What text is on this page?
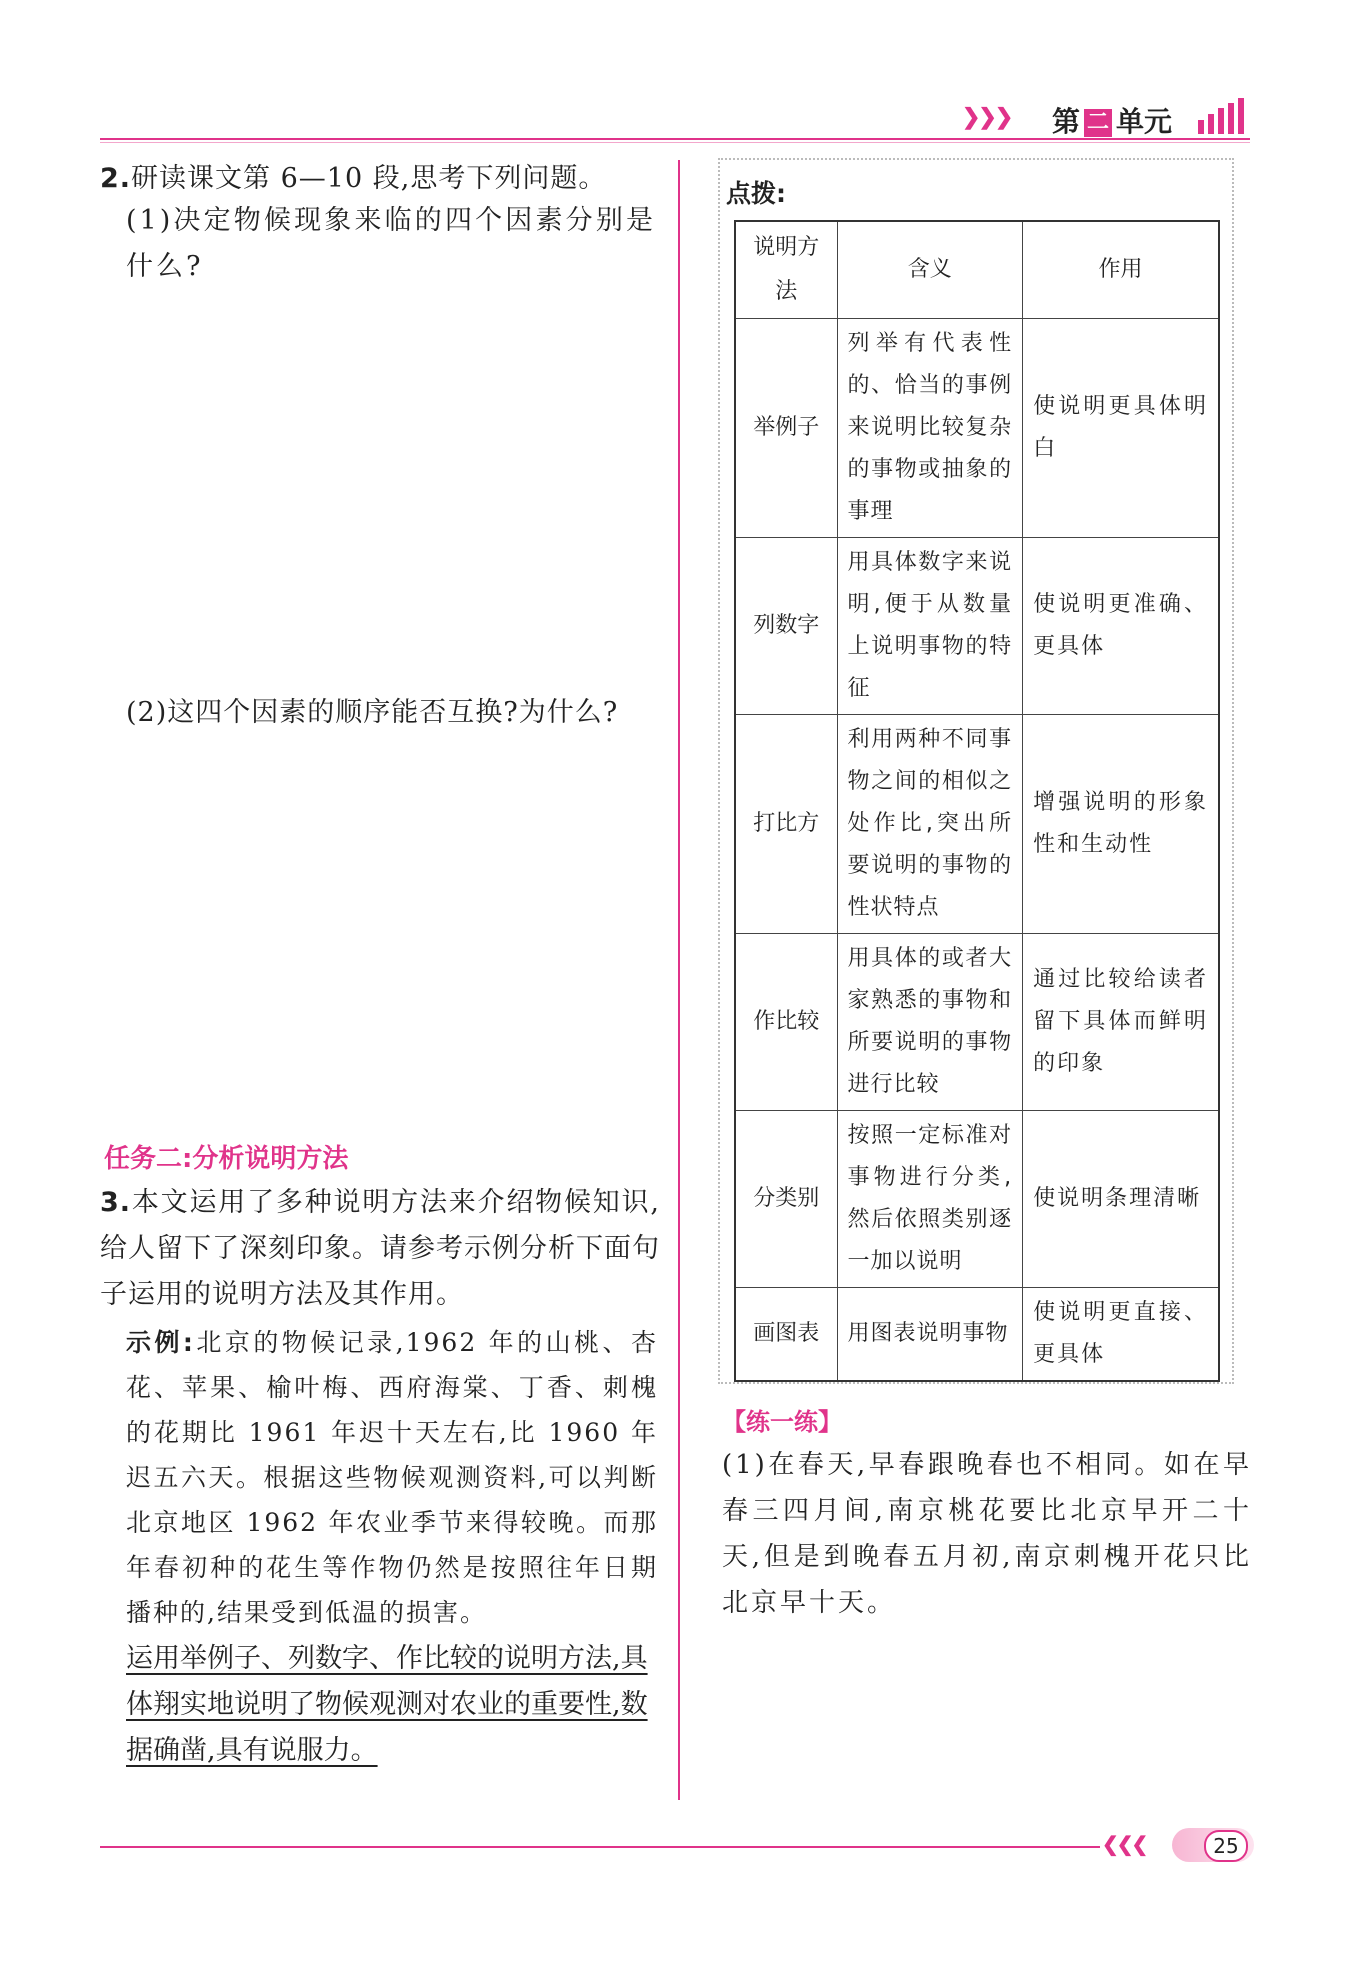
❯❯❯ 第 二 单元
2.研读课文第 6—10 段,思考下列问题。
(1)决定物候现象来临的四个因素分别是什么?
(2)这四个因素的顺序能否互换?为什么?
任务二:分析说明方法
3.本文运用了多种说明方法来介绍物候知识,给人留下了深刻印象。请参考示例分析下面句子运用的说明方法及其作用。
示例:北京的物候记录,1962 年的山桃、杏花、苹果、榆叶梅、西府海棠、丁香、刺槐的花期比 1961 年迟十天左右,比 1960 年迟五六天。根据这些物候观测资料,可以判断北京地区 1962 年农业季节来得较晚。而那年春初种的花生等作物仍然是按照往年日期播种的,结果受到低温的损害。
运用举例子、列数字、作比较的说明方法,具体翔实地说明了物候观测对农业的重要性,数据确凿,具有说服力。
点拨:
说明方法	含义	作用
举例子	列举有代表性的、恰当的事例来说明比较复杂的事物或抽象的事理	使说明更具体明白
列数字	用具体数字来说明,便于从数量上说明事物的特征	使说明更准确、更具体
打比方	利用两种不同事物之间的相似之处作比,突出所要说明的事物的性状特点	增强说明的形象性和生动性
作比较	用具体的或者大家熟悉的事物和所要说明的事物进行比较	通过比较给读者留下具体而鲜明的印象
分类别	按照一定标准对事物进行分类,然后依照类别逐一加以说明	使说明条理清晰
画图表	用图表说明事物	使说明更直接、更具体
【练一练】
(1)在春天,早春跟晚春也不相同。如在早春三四月间,南京桃花要比北京早开二十天,但是到晚春五月初,南京刺槐开花只比北京早十天。
❮❮❮	25
